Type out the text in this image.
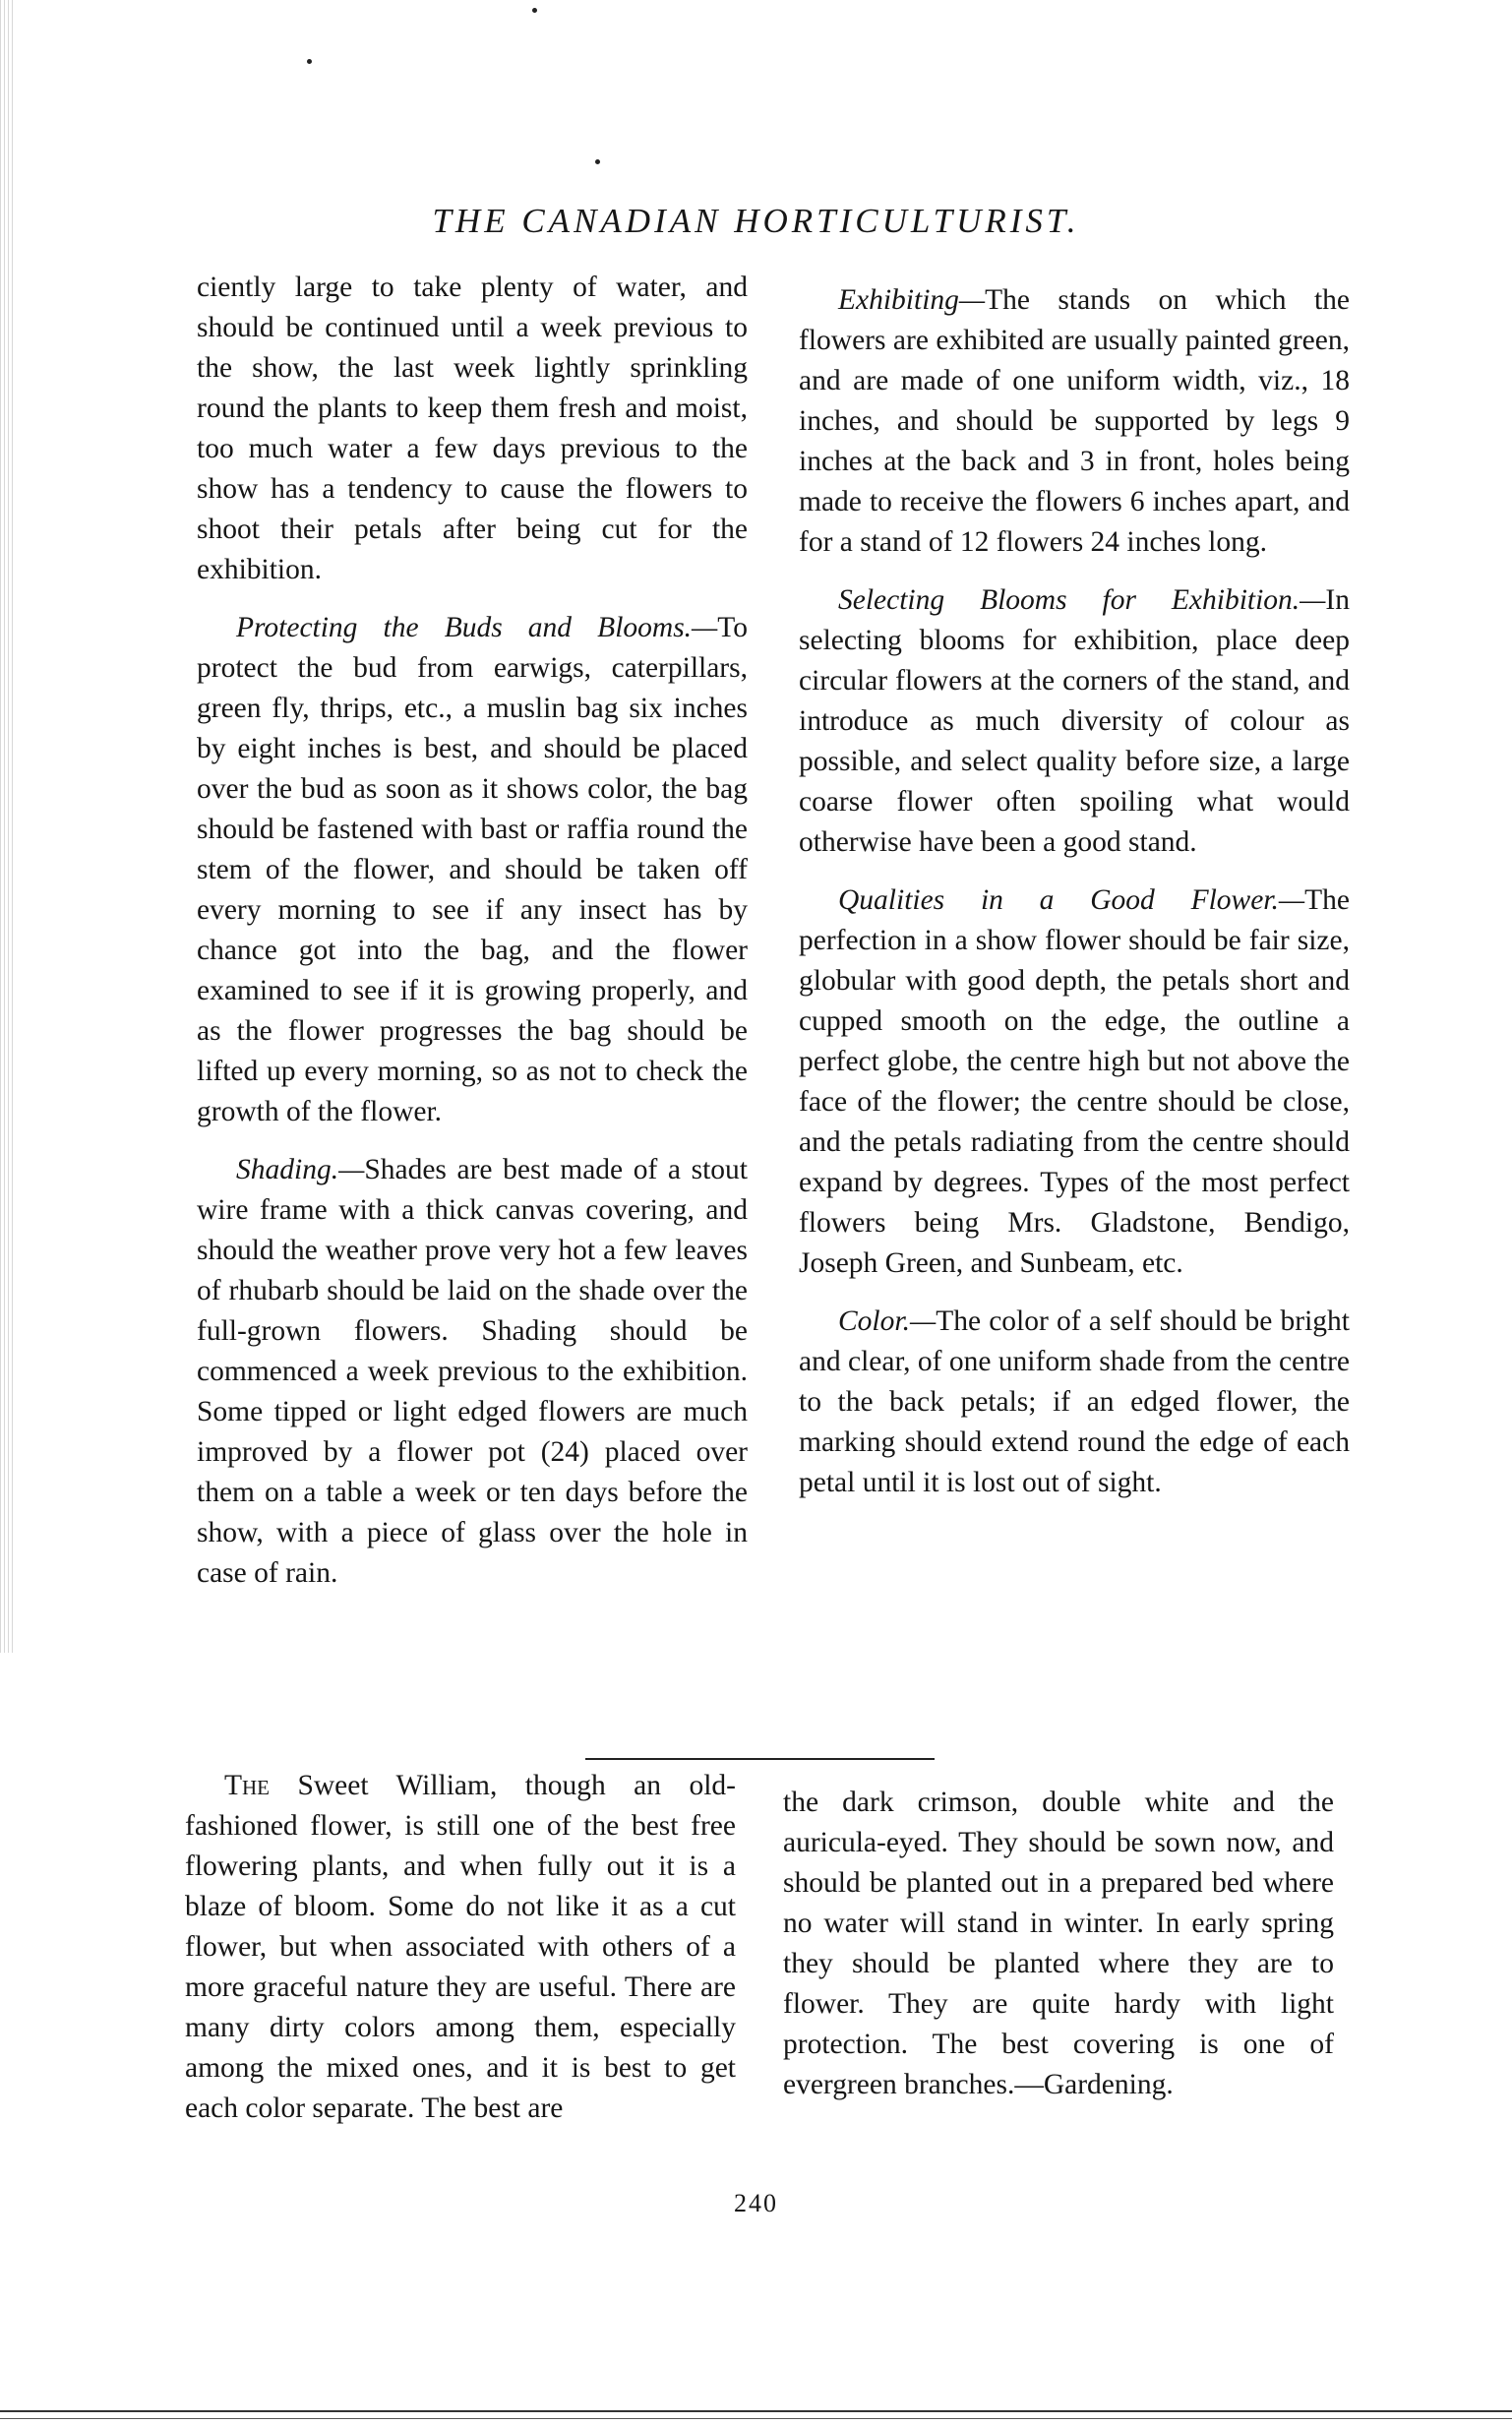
THE CANADIAN HORTICULTURIST.

ciently large to take plenty of water, and should be continued until a week previous to the show, the last week lightly sprinkling round the plants to keep them fresh and moist, too much water a few days previous to the show has a tendency to cause the flowers to shoot their petals after being cut for the exhibition.

Protecting the Buds and Blooms.—To protect the bud from earwigs, caterpillars, green fly, thrips, etc., a muslin bag six inches by eight inches is best, and should be placed over the bud as soon as it shows color, the bag should be fastened with bast or raffia round the stem of the flower, and should be taken off every morning to see if any insect has by chance got into the bag, and the flower examined to see if it is growing properly, and as the flower progresses the bag should be lifted up every morning, so as not to check the growth of the flower.

Shading.—Shades are best made of a stout wire frame with a thick canvas covering, and should the weather prove very hot a few leaves of rhubarb should be laid on the shade over the full-grown flowers. Shading should be commenced a week previous to the exhibition. Some tipped or light edged flowers are much improved by a flower pot (24) placed over them on a table a week or ten days before the show, with a piece of glass over the hole in case of rain.

Exhibiting—The stands on which the flowers are exhibited are usually painted green, and are made of one uniform width, viz., 18 inches, and should be supported by legs 9 inches at the back and 3 in front, holes being made to receive the flowers 6 inches apart, and for a stand of 12 flowers 24 inches long.

Selecting Blooms for Exhibition.—In selecting blooms for exhibition, place deep circular flowers at the corners of the stand, and introduce as much diversity of colour as possible, and select quality before size, a large coarse flower often spoiling what would otherwise have been a good stand.

Qualities in a Good Flower.—The perfection in a show flower should be fair size, globular with good depth, the petals short and cupped smooth on the edge, the outline a perfect globe, the centre high but not above the face of the flower; the centre should be close, and the petals radiating from the centre should expand by degrees. Types of the most perfect flowers being Mrs. Gladstone, Bendigo, Joseph Green, and Sunbeam, etc.

Color.—The color of a self should be bright and clear, of one uniform shade from the centre to the back petals; if an edged flower, the marking should extend round the edge of each petal until it is lost out of sight.

The Sweet William, though an old-fashioned flower, is still one of the best free flowering plants, and when fully out it is a blaze of bloom. Some do not like it as a cut flower, but when associated with others of a more graceful nature they are useful. There are many dirty colors among them, especially among the mixed ones, and it is best to get each color separate. The best are

the dark crimson, double white and the auricula-eyed. They should be sown now, and should be planted out in a prepared bed where no water will stand in winter. In early spring they should be planted where they are to flower. They are quite hardy with light protection. The best covering is one of evergreen branches.—Gardening.

240
